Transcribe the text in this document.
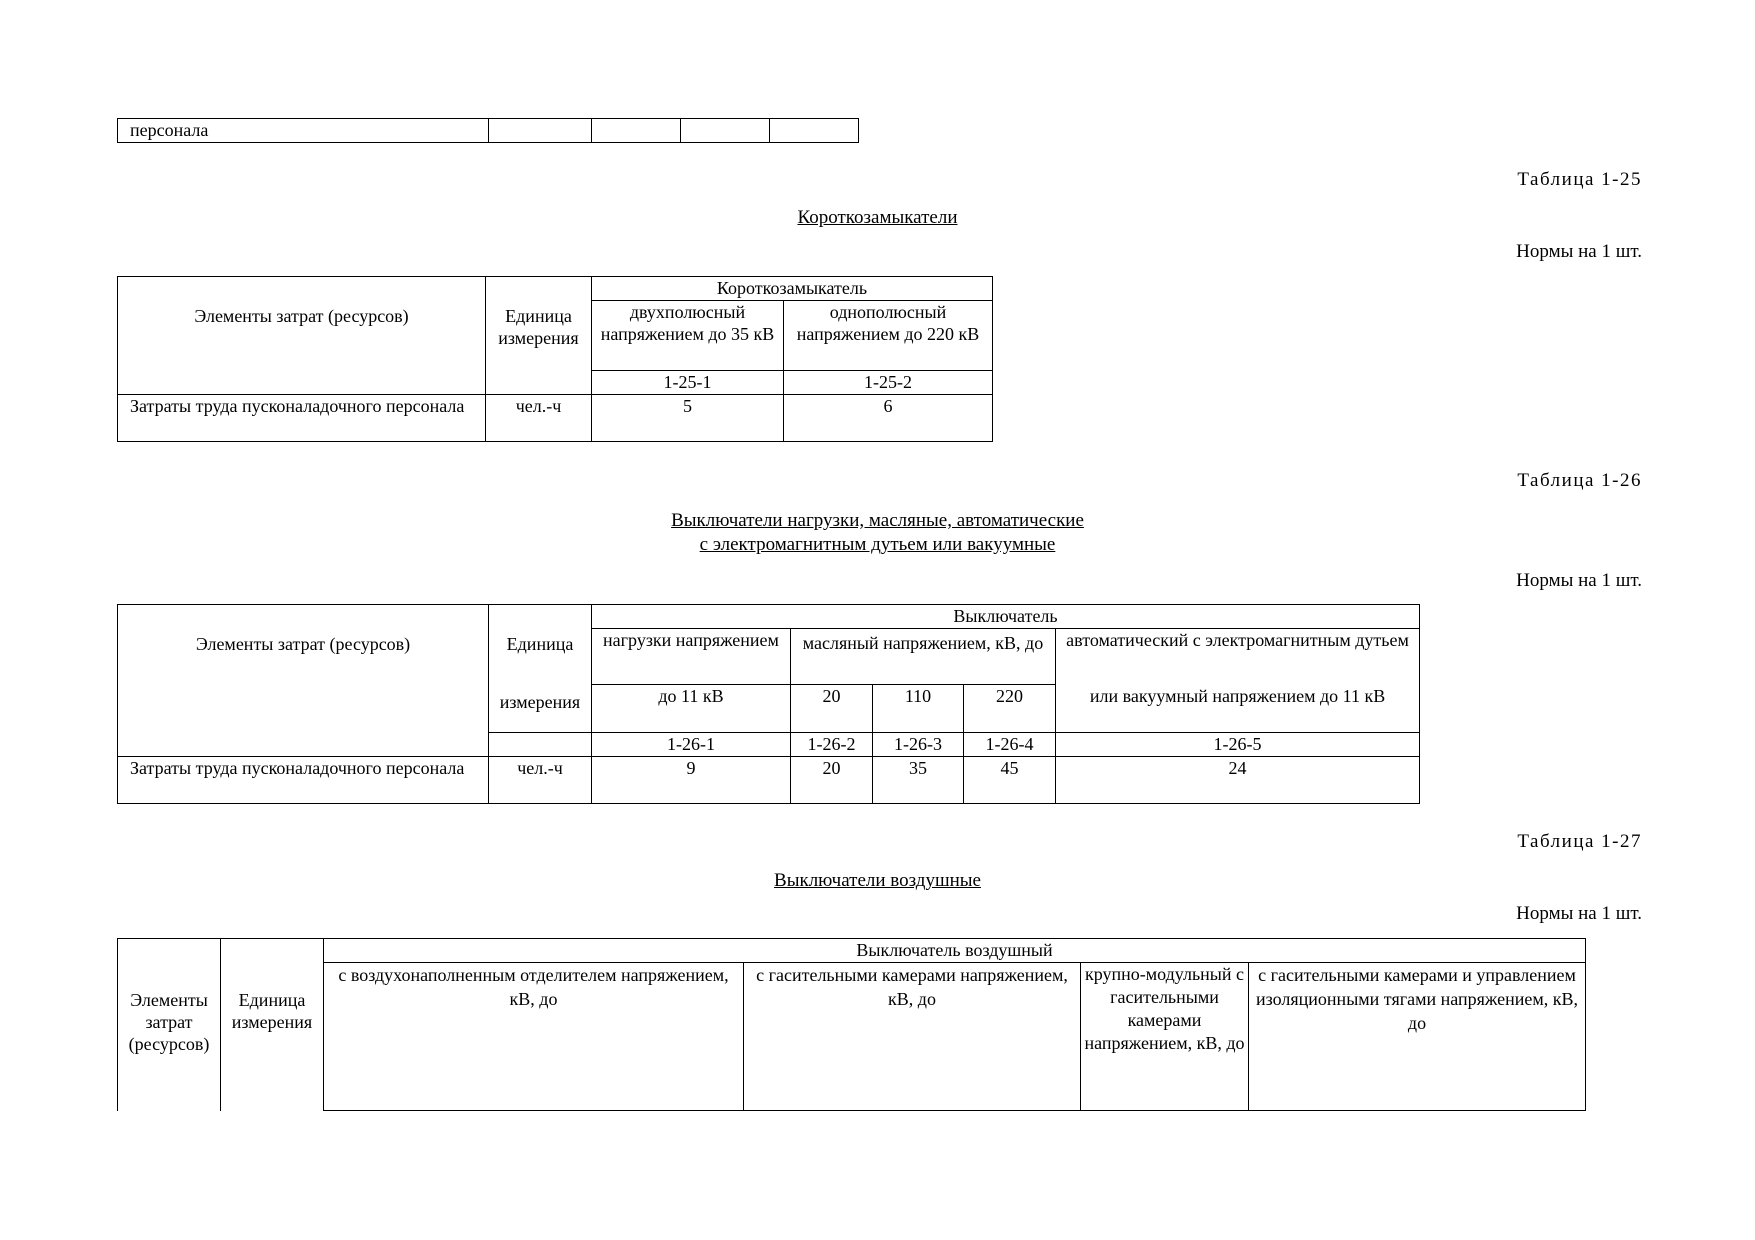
персонала				
Таблица 1-25
Короткозамыкатели
Нормы на 1 шт.
Элементы затрат (ресурсов)	Единица измерения	Короткозамыкатель	
		двухполюсный напряжением до 35 кВ	однополюсный напряжением до 220 кВ
		1-25-1	1-25-2
Затраты труда пусконаладочного персонала	чел.-ч	5	6
Таблица 1-26
Выключатели нагрузки, масляные, автоматические
с электромагнитным дутьем или вакуумные
Нормы на 1 шт.
Элементы затрат (ресурсов)	Единица	Выключатель				
		нагрузки напряжением	масляный напряжением, кВ, до			автоматический с электромагнитным дутьем
	измерения	до 11 кВ	20	110	220	или вакуумный напряжением до 11 кВ
		1-26-1	1-26-2	1-26-3	1-26-4	1-26-5
Затраты труда пусконаладочного персонала	чел.-ч	9	20	35	45	24
Таблица 1-27
Выключатели воздушные
Нормы на 1 шт.
Элементы затрат (ресурсов)	Единица измерения	Выключатель воздушный			
		с воздухонаполненным отделителем напряжением, кВ, до	с гасительными камерами напряжением, кВ, до	крупно-модульный с гасительными камерами напряжением, кВ, до	с гасительными камерами и управлением изоляционными тягами напряжением, кВ, до
